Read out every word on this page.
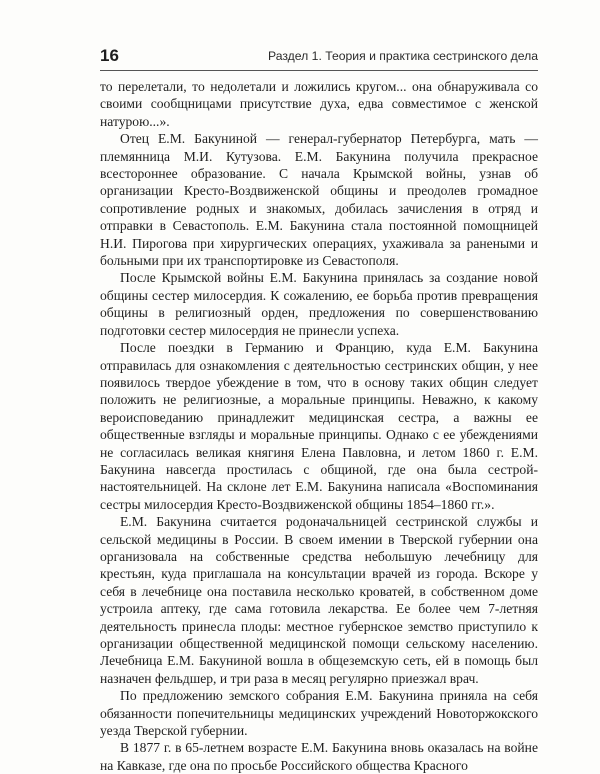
16	Раздел 1. Теория и практика сестринского дела

то перелетали, то недолетали и ложились кругом... она обнаруживала со своими сообщницами присутствие духа, едва совместимое с женской натурою...».

Отец Е.М. Бакуниной — генерал-губернатор Петербурга, мать — племянница М.И. Кутузова. Е.М. Бакунина получила прекрасное всестороннее образование. С начала Крымской войны, узнав об организации Кресто-Воздвиженской общины и преодолев громадное сопротивление родных и знакомых, добилась зачисления в отряд и отправки в Севастополь. Е.М. Бакунина стала постоянной помощницей Н.И. Пирогова при хирургических операциях, ухаживала за ранеными и больными при их транспортировке из Севастополя.

После Крымской войны Е.М. Бакунина принялась за создание новой общины сестер милосердия. К сожалению, ее борьба против превращения общины в религиозный орден, предложения по совершенствованию подготовки сестер милосердия не принесли успеха.

После поездки в Германию и Францию, куда Е.М. Бакунина отправилась для ознакомления с деятельностью сестринских общин, у нее появилось твердое убеждение в том, что в основу таких общин следует положить не религиозные, а моральные принципы. Неважно, к какому вероисповеданию принадлежит медицинская сестра, а важны ее общественные взгляды и моральные принципы. Однако с ее убеждениями не согласилась великая княгиня Елена Павловна, и летом 1860 г. Е.М. Бакунина навсегда простилась с общиной, где она была сестрой-настоятельницей. На склоне лет Е.М. Бакунина написала «Воспоминания сестры милосердия Кресто-Воздвиженской общины 1854–1860 гг.».

Е.М. Бакунина считается родоначальницей сестринской службы и сельской медицины в России. В своем имении в Тверской губернии она организовала на собственные средства небольшую лечебницу для крестьян, куда приглашала на консультации врачей из города. Вскоре у себя в лечебнице она поставила несколько кроватей, в собственном доме устроила аптеку, где сама готовила лекарства. Ее более чем 7-летняя деятельность принесла плоды: местное губернское земство приступило к организации общественной медицинской помощи сельскому населению. Лечебница Е.М. Бакуниной вошла в общеземскую сеть, ей в помощь был назначен фельдшер, и три раза в месяц регулярно приезжал врач.

По предложению земского собрания Е.М. Бакунина приняла на себя обязанности попечительницы медицинских учреждений Новоторжокского уезда Тверской губернии.

В 1877 г. в 65-летнем возрасте Е.М. Бакунина вновь оказалась на войне на Кавказе, где она по просьбе Российского общества Красного
